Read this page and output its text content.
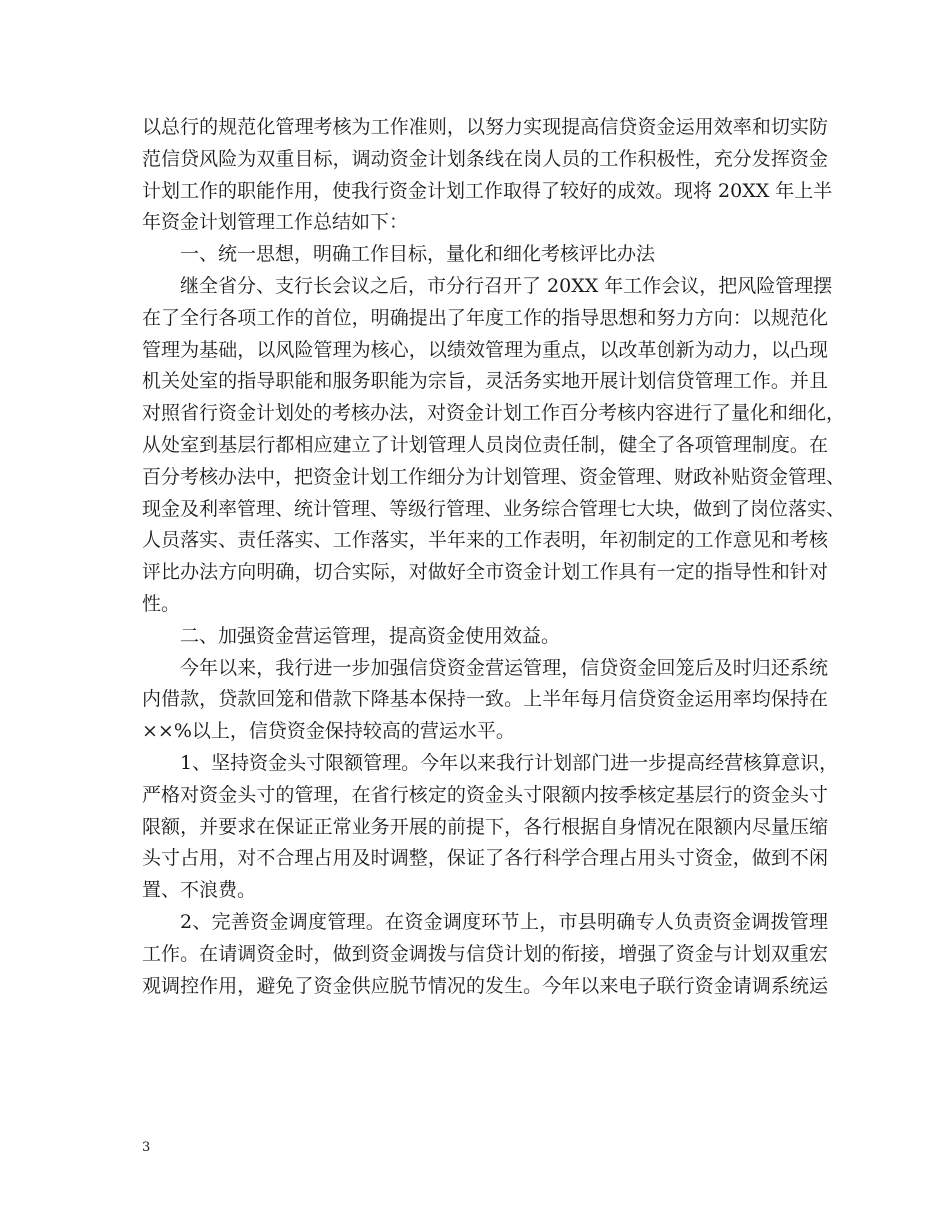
以总行的规范化管理考核为工作准则，以努力实现提高信贷资金运用效率和切实防
范信贷风险为双重目标，调动资金计划条线在岗人员的工作积极性，充分发挥资金
计划工作的职能作用，使我行资金计划工作取得了较好的成效。现将 20XX 年上半
年资金计划管理工作总结如下：
一、统一思想，明确工作目标，量化和细化考核评比办法
继全省分、支行长会议之后，市分行召开了 20XX 年工作会议，把风险管理摆
在了全行各项工作的首位，明确提出了年度工作的指导思想和努力方向：以规范化
管理为基础，以风险管理为核心，以绩效管理为重点，以改革创新为动力，以凸现
机关处室的指导职能和服务职能为宗旨，灵活务实地开展计划信贷管理工作。并且
对照省行资金计划处的考核办法，对资金计划工作百分考核内容进行了量化和细化，
从处室到基层行都相应建立了计划管理人员岗位责任制，健全了各项管理制度。在
百分考核办法中，把资金计划工作细分为计划管理、资金管理、财政补贴资金管理、
现金及利率管理、统计管理、等级行管理、业务综合管理七大块，做到了岗位落实、
人员落实、责任落实、工作落实，半年来的工作表明，年初制定的工作意见和考核
评比办法方向明确，切合实际，对做好全市资金计划工作具有一定的指导性和针对
性。
二、加强资金营运管理，提高资金使用效益。
今年以来，我行进一步加强信贷资金营运管理，信贷资金回笼后及时归还系统
内借款，贷款回笼和借款下降基本保持一致。上半年每月信贷资金运用率均保持在
××%以上，信贷资金保持较高的营运水平。
1、坚持资金头寸限额管理。今年以来我行计划部门进一步提高经营核算意识，
严格对资金头寸的管理，在省行核定的资金头寸限额内按季核定基层行的资金头寸
限额，并要求在保证正常业务开展的前提下，各行根据自身情况在限额内尽量压缩
头寸占用，对不合理占用及时调整，保证了各行科学合理占用头寸资金，做到不闲
置、不浪费。
2、完善资金调度管理。在资金调度环节上，市县明确专人负责资金调拨管理
工作。在请调资金时，做到资金调拨与信贷计划的衔接，增强了资金与计划双重宏
观调控作用，避免了资金供应脱节情况的发生。今年以来电子联行资金请调系统运
3
